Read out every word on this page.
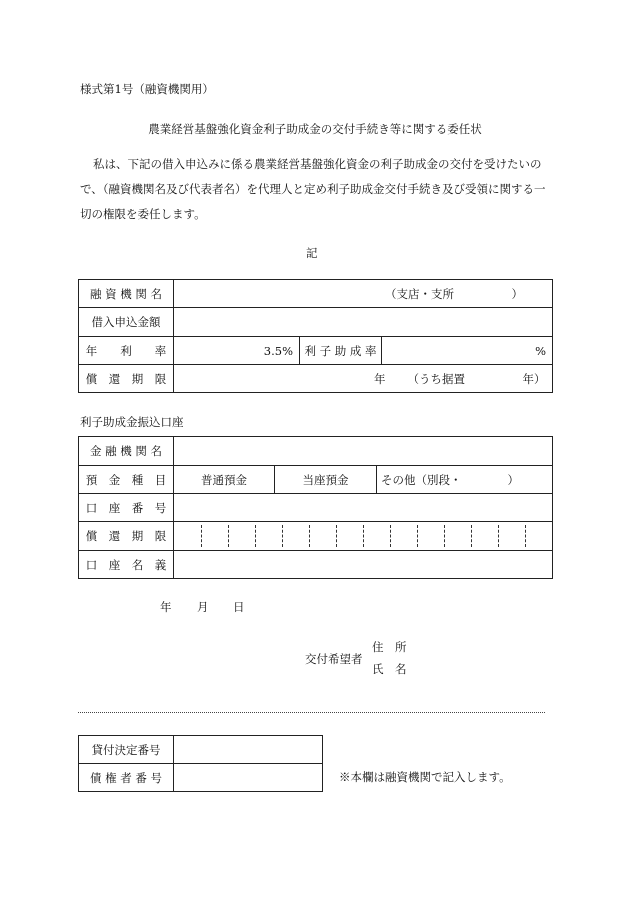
様式第1号（融資機関用）
農業経営基盤強化資金利子助成金の交付手続き等に関する委任状
私は、下記の借入申込みに係る農業経営基盤強化資金の利子助成金の交付を受けたいの
で、（融資機関名及び代表者名）を代理人と定め利子助成金交付手続き及び受領に関する一
切の権限を委任します。
記
融 資 機 関 名	（支店・支所　　　　　）		
借入申込金額			
年　　利　　率	3.5%	利 子 助 成 率	%
償　還　期　限	年 （うち据置　　　　　年）		
利子助成金振込口座
金 融 機 関 名			
預　金　種　目	普通預金	当座預金	その他（別段・　　　　）
口　座　番　号			
償　還　期　限			

口　座　名　義			
年 月 日
交付希望者
住　所
氏　名
貸付決定番号	
債 権 者 番 号		※本欄は融資機関で記入します。
